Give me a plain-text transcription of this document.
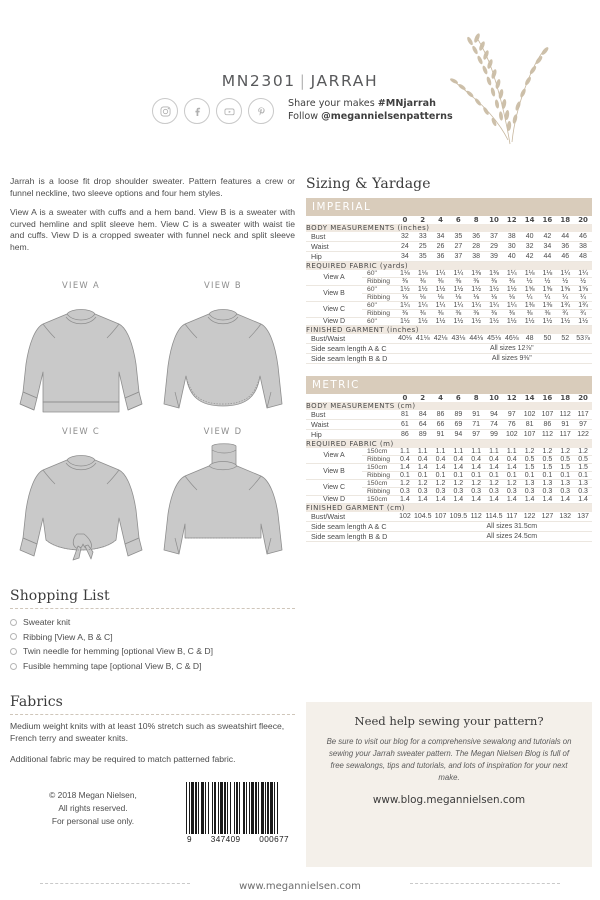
MN2301 | JARRAH
Share your makes #MNjarrah
Follow @megannielsenpatterns

Jarrah is a loose fit drop shoulder sweater. Pattern features a crew or funnel neckline, two sleeve options and four hem styles.

View A is a sweater with cuffs and a hem band. View B is a sweater with curved hemline and split sleeve hem. View C is a sweater with waist tie and cuffs. View D is a cropped sweater with funnel neck and split sleeve hem.

VIEW A	VIEW B
VIEW C	VIEW D
Shopping List
Sweater knit
Ribbing [View A, B & C]
Twin needle for hemming [optional View B, C & D]
Fusible hemming tape [optional View B, C & D]
Fabrics
Medium weight knits with at least 10% stretch such as sweatshirt fleece, French terry and sweater knits.
Additional fabric may be required to match patterned fabric.
© 2018 Megan Nielsen,
All rights reserved.
For personal use only.
9 347409 000677
Sizing & Yardage
IMPERIAL
		0	2	4	6	8	10	12	14	16	18	20
BODY MEASUREMENTS (inches)												
Bust		32	33	34	35	36	37	38	40	42	44	46
Waist		24	25	26	27	28	29	30	32	34	36	38
Hip		34	35	36	37	38	39	40	42	44	46	48
REQUIRED FABRIC (yards)												
View A	60"	1⅛	1⅛	1¼	1¼	1⅜	1⅜	1¼	1⅛	1⅛	1¼	1¼
	Ribbing	⅜	⅜	⅜	⅜	⅜	⅜	⅜	½	½	½	½
View B	60"	1½	1½	1½	1½	1½	1½	1½	1⅝	1⅝	1⅝	1⅝
	Ribbing	⅛	⅛	⅛	⅛	⅛	⅛	⅛	¼	¼	¼	¼
View C	60"	1¼	1¼	1¼	1¼	1¼	1¼	1¼	1⅜	1⅜	1¾	1¾
	Ribbing	⅜	⅜	⅜	⅜	⅜	⅜	⅜	⅜	⅜	¾	¾
View D	60"	1½	1½	1½	1½	1½	1½	1½	1½	1½	1½	1½
FINISHED GARMENT (inches)												
Bust/Waist		40⅛	41⅛	42⅛	43⅛	44⅛	45⅛	46⅛	48	50	52	53⅞
Side seam length A & C				All sizes 12⅞"								
Side seam length B & D				All sizes 9⅜"								
METRIC
		0	2	4	6	8	10	12	14	16	18	20
BODY MEASUREMENTS (cm)												
Bust		81	84	86	89	91	94	97	102	107	112	117
Waist		61	64	66	69	71	74	76	81	86	91	97
Hip		86	89	91	94	97	99	102	107	112	117	122
REQUIRED FABRIC (m)												
View A	150cm	1.1	1.1	1.1	1.1	1.1	1.1	1.1	1.2	1.2	1.2	1.2
	Ribbing	0.4	0.4	0.4	0.4	0.4	0.4	0.4	0.5	0.5	0.5	0.5
View B	150cm	1.4	1.4	1.4	1.4	1.4	1.4	1.4	1.5	1.5	1.5	1.5
	Ribbing	0.1	0.1	0.1	0.1	0.1	0.1	0.1	0.1	0.1	0.1	0.1
View C	150cm	1.2	1.2	1.2	1.2	1.2	1.2	1.2	1.3	1.3	1.3	1.3
	Ribbing	0.3	0.3	0.3	0.3	0.3	0.3	0.3	0.3	0.3	0.3	0.3
View D	150cm	1.4	1.4	1.4	1.4	1.4	1.4	1.4	1.4	1.4	1.4	1.4
FINISHED GARMENT (cm)												
Bust/Waist		102	104.5	107	109.5	112	114.5	117	122	127	132	137
Side seam length A & C				All sizes 31.5cm								
Side seam length B & D				All sizes 24.5cm								
Need help sewing your pattern?
Be sure to visit our blog for a comprehensive sewalong and tutorials on sewing your Jarrah sweater pattern. The Megan Nielsen Blog is full of free sewalongs, tips and tutorials, and lots of inspiration for your next make.
www.blog.megannielsen.com
www.megannielsen.com
